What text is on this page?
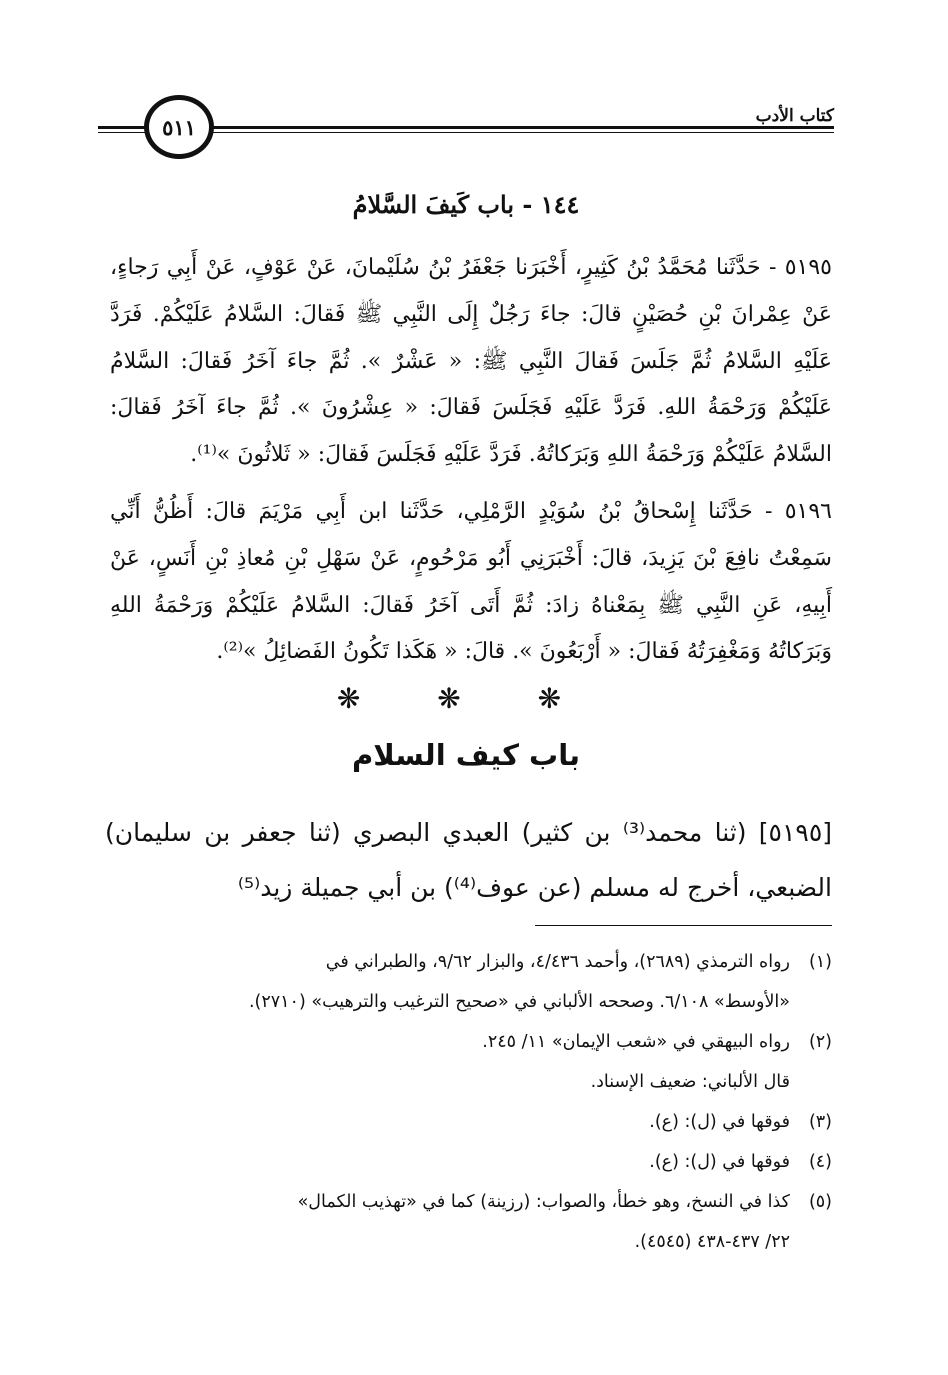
كتاب الأدب
٥١١
١٤٤ - باب كَيفَ السَّلامُ

٥١٩٥ - حَدَّثَنا مُحَمَّدُ بْنُ كَثِيرٍ، أَخْبَرَنا جَعْفَرُ بْنُ سُلَيْمانَ، عَنْ عَوْفٍ، عَنْ أَبِي رَجاءٍ، عَنْ عِمْرانَ بْنِ حُصَيْنٍ قالَ: جاءَ رَجُلٌ إِلَى النَّبِي ﷺ فَقالَ: السَّلامُ عَلَيْكُمْ. فَرَدَّ عَلَيْهِ السَّلامُ ثُمَّ جَلَسَ فَقالَ النَّبِي ﷺ: « عَشْرٌ ». ثُمَّ جاءَ آخَرُ فَقالَ: السَّلامُ عَلَيْكُمْ وَرَحْمَةُ اللهِ. فَرَدَّ عَلَيْهِ فَجَلَسَ فَقالَ: « عِشْرُونَ ». ثُمَّ جاءَ آخَرُ فَقالَ: السَّلامُ عَلَيْكُمْ وَرَحْمَةُ اللهِ وَبَرَكاتُهُ. فَرَدَّ عَلَيْهِ فَجَلَسَ فَقالَ: « ثَلاثُونَ »⁽¹⁾.

٥١٩٦ - حَدَّثَنا إِسْحاقُ بْنُ سُوَيْدٍ الرَّمْلِي، حَدَّثَنا ابن أَبِي مَرْيَمَ قالَ: أَظُنُّ أَنِّي سَمِعْتُ نافِعَ بْنَ يَزِيدَ، قالَ: أَخْبَرَنِي أَبُو مَرْحُومٍ، عَنْ سَهْلِ بْنِ مُعاذِ بْنِ أَنَسٍ، عَنْ أَبِيهِ، عَنِ النَّبِي ﷺ بِمَعْناهُ زادَ: ثُمَّ أَتَى آخَرُ فَقالَ: السَّلامُ عَلَيْكُمْ وَرَحْمَةُ اللهِ وَبَرَكاتُهُ وَمَغْفِرَتُهُ فَقالَ: « أَرْبَعُونَ ». قالَ: « هَكَذا تَكُونُ الفَضائِلُ »⁽²⁾.

❋ ❋ ❋
باب كيف السلام
[٥١٩٥] (ثنا محمد⁽³⁾ بن كثير) العبدي البصري (ثنا جعفر بن سليمان) الضبعي، أخرج له مسلم (عن عوف⁽⁴⁾) بن أبي جميلة زيد⁽⁵⁾
(١)
رواه الترمذي (٢٦٨٩)، وأحمد ٤/٤٣٦، والبزار ٩/٦٢، والطبراني في
«الأوسط» ٦/١٠٨. وصححه الألباني في «صحيح الترغيب والترهيب» (٢٧١٠).
(٢)
رواه البيهقي في «شعب الإيمان» ١١/ ٢٤٥.
قال الألباني: ضعيف الإسناد.
(٣)
فوقها في (ل): (ع).
(٤)
فوقها في (ل): (ع).
(٥)
كذا في النسخ، وهو خطأ، والصواب: (رزينة) كما في «تهذيب الكمال»
٢٢/ ٤٣٧-٤٣٨ (٤٥٤٥).
